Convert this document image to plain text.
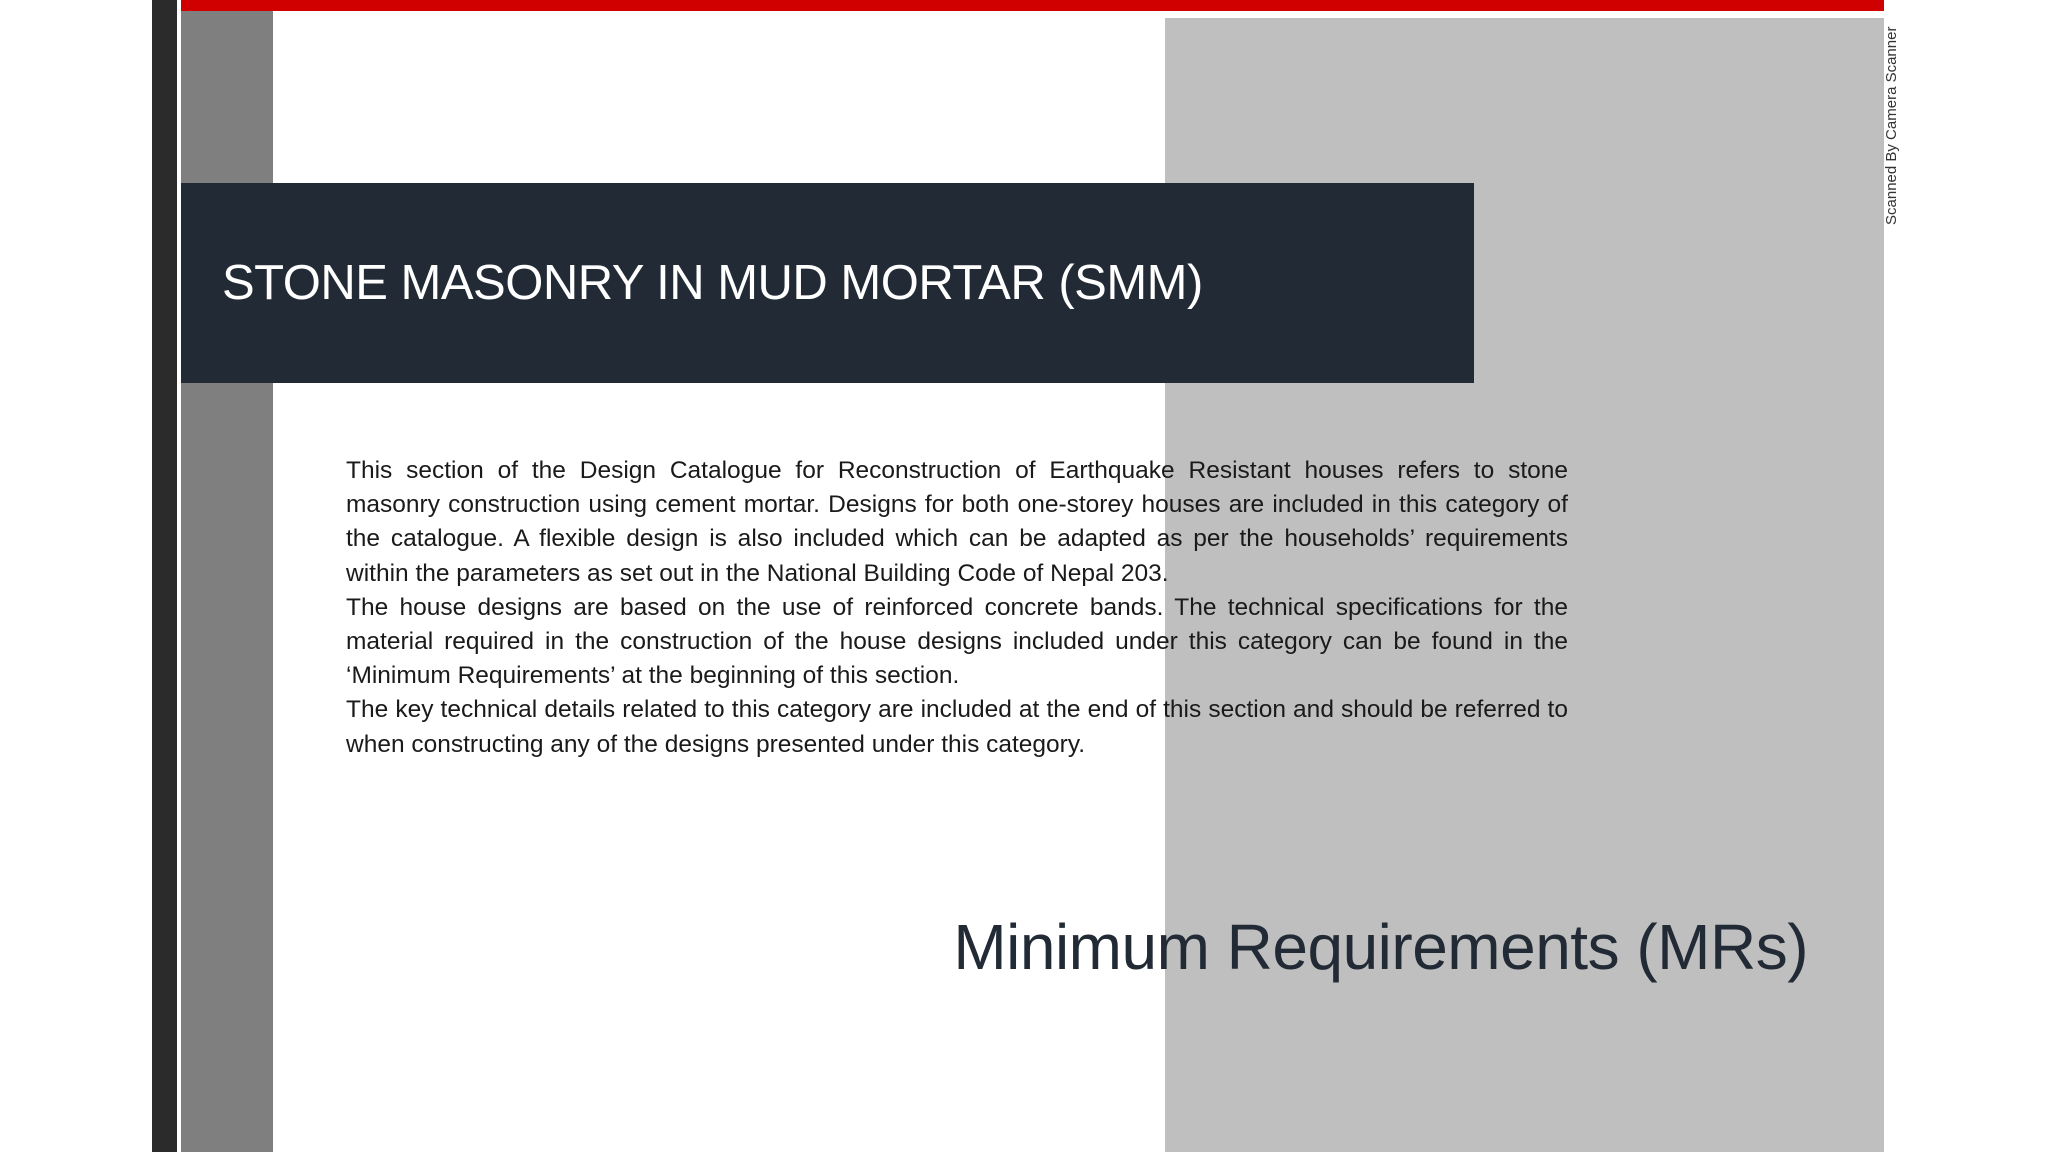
STONE MASONRY IN MUD MORTAR (SMM)

This section of the Design Catalogue for Reconstruction of Earthquake Resistant houses refers to stone masonry construction using cement mortar. Designs for both one-storey houses are included in this category of the catalogue. A flexible design is also included which can be adapted as per the households’ requirements within the parameters as set out in the National Building Code of Nepal 203.

The house designs are based on the use of reinforced concrete bands. The technical specifications for the material required in the construction of the house designs included under this category can be found in the ‘Minimum Requirements’ at the beginning of this section.

The key technical details related to this category are included at the end of this section and should be referred to when constructing any of the designs presented under this category.

Minimum Requirements (MRs)
Scanned By Camera Scanner
